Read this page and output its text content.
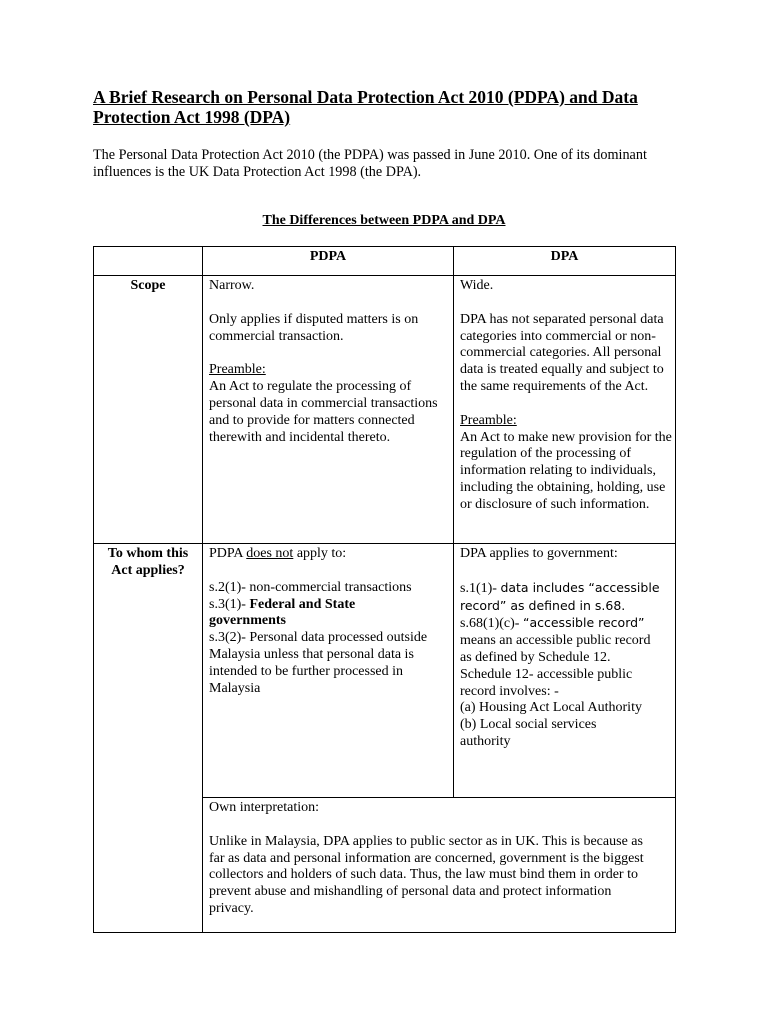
A Brief Research on Personal Data Protection Act 2010 (PDPA) and Data Protection Act 1998 (DPA)
The Personal Data Protection Act 2010 (the PDPA) was passed in June 2010. One of its dominant influences is the UK Data Protection Act 1998 (the DPA).
The Differences between PDPA and DPA
PDPA	DPA
Scope	Narrow.
Only applies if disputed matters is on commercial transaction.
Preamble:
An Act to regulate the processing of personal data in commercial transactions and to provide for matters connected therewith and incidental thereto.
Wide.
DPA has not separated personal data categories into commercial or non-commercial categories. All personal data is treated equally and subject to the same requirements of the Act.
Preamble:
An Act to make new provision for the regulation of the processing of information relating to individuals, including the obtaining, holding, use or disclosure of such information.
To whom this Act applies?
PDPA does not apply to:
s.2(1)- non-commercial transactions
s.3(1)- Federal and State governments
s.3(2)- Personal data processed outside Malaysia unless that personal data is intended to be further processed in Malaysia
DPA applies to government:
s.1(1)- data includes “accessible record” as defined in s.68.
s.68(1)(c)- “accessible record” means an accessible public record as defined by Schedule 12.
Schedule 12- accessible public record involves: -
(a) Housing Act Local Authority
(b) Local social services authority
Own interpretation:
Unlike in Malaysia, DPA applies to public sector as in UK. This is because as far as data and personal information are concerned, government is the biggest collectors and holders of such data. Thus, the law must bind them in order to prevent abuse and mishandling of personal data and protect information privacy.
